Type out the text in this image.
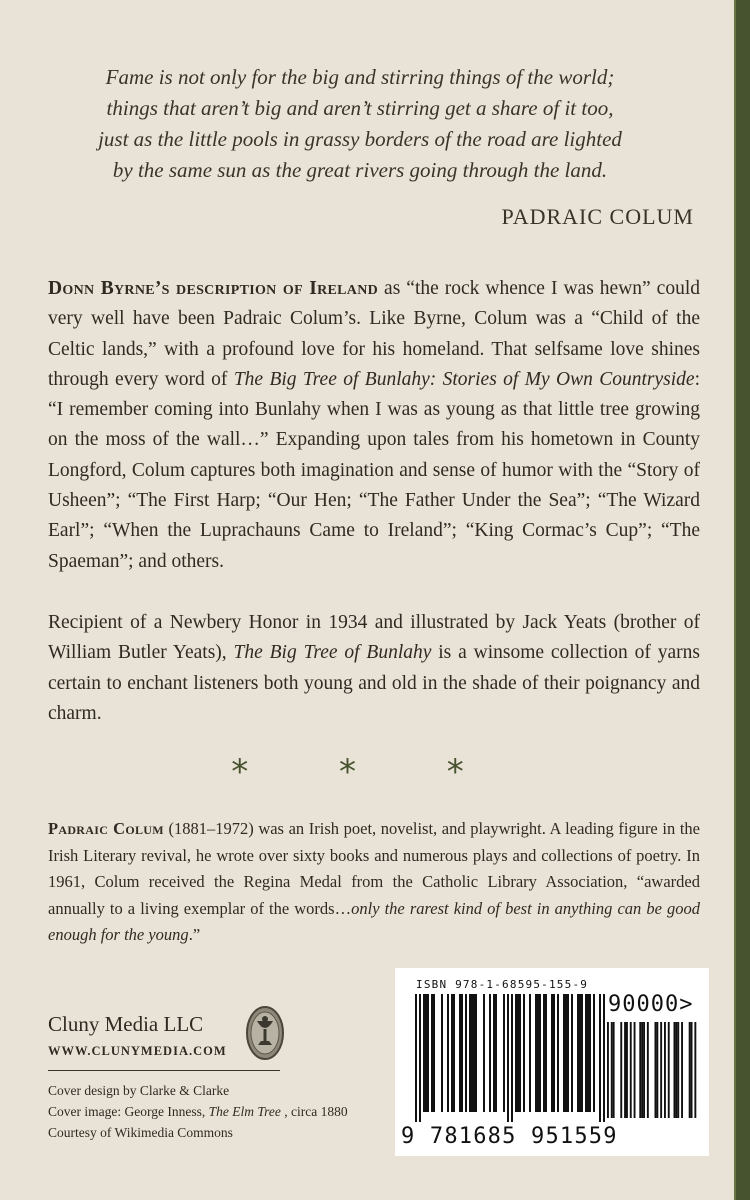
Fame is not only for the big and stirring things of the world;
things that aren’t big and aren’t stirring get a share of it too,
just as the little pools in grassy borders of the road are lighted
by the same sun as the great rivers going through the land.
PADRAIC COLUM
Donn Byrne’s description of Ireland as “the rock whence I was hewn” could very well have been Padraic Colum’s. Like Byrne, Colum was a “Child of the Celtic lands,” with a profound love for his homeland. That selfsame love shines through every word of The Big Tree of Bunlahy: Stories of My Own Countryside: “I remember coming into Bunlahy when I was as young as that little tree growing on the moss of the wall…” Expanding upon tales from his hometown in County Longford, Colum captures both imagination and sense of humor with the “Story of Usheen”; “The First Harp; “Our Hen; “The Father Under the Sea”; “The Wizard Earl”; “When the Luprachauns Came to Ireland”; “King Cormac’s Cup”; “The Spaeman”; and others.
Recipient of a Newbery Honor in 1934 and illustrated by Jack Yeats (brother of William Butler Yeats), The Big Tree of Bunlahy is a winsome collection of yarns certain to enchant listeners both young and old in the shade of their poignancy and charm.
* * *
Padraic Colum (1881–1972) was an Irish poet, novelist, and playwright. A leading figure in the Irish Literary revival, he wrote over sixty books and numerous plays and collections of poetry. In 1961, Colum received the Regina Medal from the Catholic Library Association, “awarded annually to a living exemplar of the words…only the rarest kind of best in anything can be good enough for the young.”
Cluny Media LLC
WWW.CLUNYMEDIA.COM
Cover design by Clarke & Clarke
Cover image: George Inness, The Elm Tree , circa 1880
Courtesy of Wikimedia Commons
ISBN 978-1-68595-155-9
90000>
9 781685 951559
